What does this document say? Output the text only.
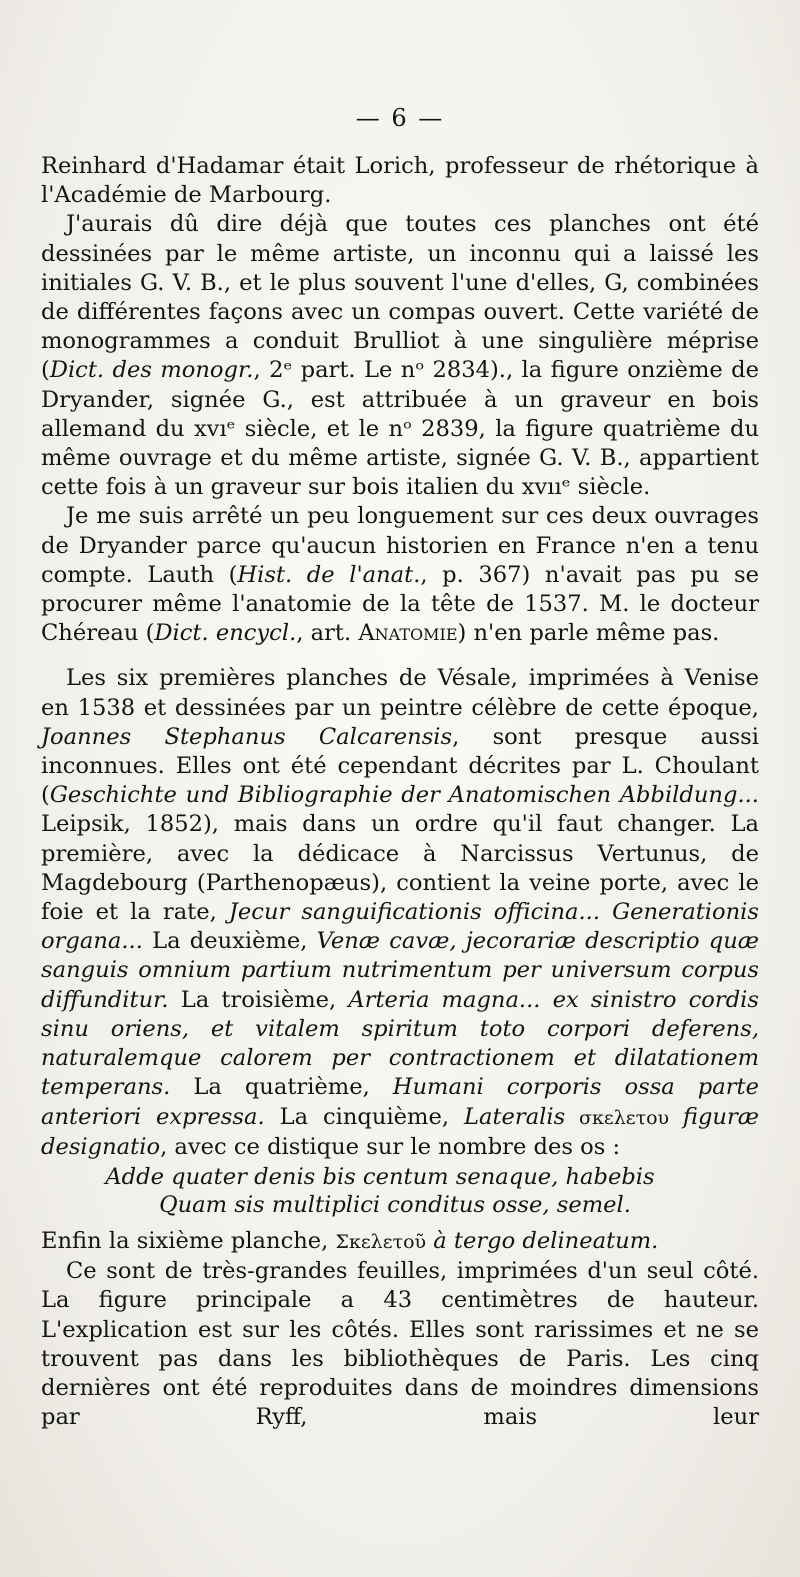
— 6 —

Reinhard d'Hadamar était Lorich, professeur de rhétorique à l'Académie de Marbourg.

J'aurais dû dire déjà que toutes ces planches ont été dessinées par le même artiste, un inconnu qui a laissé les initiales G. V. B., et le plus souvent l'une d'elles, G, combinées de différentes façons avec un compas ouvert. Cette variété de monogrammes a conduit Brulliot à une singulière méprise (Dict. des monogr., 2ᵉ part. Le nᵒ 2834)., la figure onzième de Dryander, signée G., est attribuée à un graveur en bois allemand du xvıᵉ siècle, et le nᵒ 2839, la figure quatrième du même ouvrage et du même artiste, signée G. V. B., appartient cette fois à un graveur sur bois italien du xvııᵉ siècle.

Je me suis arrêté un peu longuement sur ces deux ouvrages de Dryander parce qu'aucun historien en France n'en a tenu compte. Lauth (Hist. de l'anat., p. 367) n'avait pas pu se procurer même l'anatomie de la tête de 1537. M. le docteur Chéreau (Dict. encycl., art. Anatomie) n'en parle même pas.

Les six premières planches de Vésale, imprimées à Venise en 1538 et dessinées par un peintre célèbre de cette époque, Joannes Stephanus Calcarensis, sont presque aussi inconnues. Elles ont été cependant décrites par L. Choulant (Geschichte und Bibliographie der Anatomischen Abbildung... Leipsik, 1852), mais dans un ordre qu'il faut changer. La première, avec la dédicace à Narcissus Vertunus, de Magdebourg (Parthenopæus), contient la veine porte, avec le foie et la rate, Jecur sanguificationis officina... Generationis organa... La deuxième, Venæ cavæ, jecorariæ descriptio quæ sanguis omnium partium nutrimentum per universum corpus diffunditur. La troisième, Arteria magna... ex sinistro cordis sinu oriens, et vitalem spiritum toto corpori deferens, naturalemque calorem per contractionem et dilatationem temperans. La quatrième, Humani corporis ossa parte anteriori expressa. La cinquième, Lateralis σκελετου figuræ designatio, avec ce distique sur le nombre des os :

Adde quater denis bis centum senaque, habebis
Quam sis multiplici conditus osse, semel.

Enfin la sixième planche, Σκελετοῦ à tergo delineatum.

Ce sont de très-grandes feuilles, imprimées d'un seul côté. La figure principale a 43 centimètres de hauteur. L'explication est sur les côtés. Elles sont rarissimes et ne se trouvent pas dans les bibliothèques de Paris. Les cinq dernières ont été reproduites dans de moindres dimensions par Ryff, mais leur
